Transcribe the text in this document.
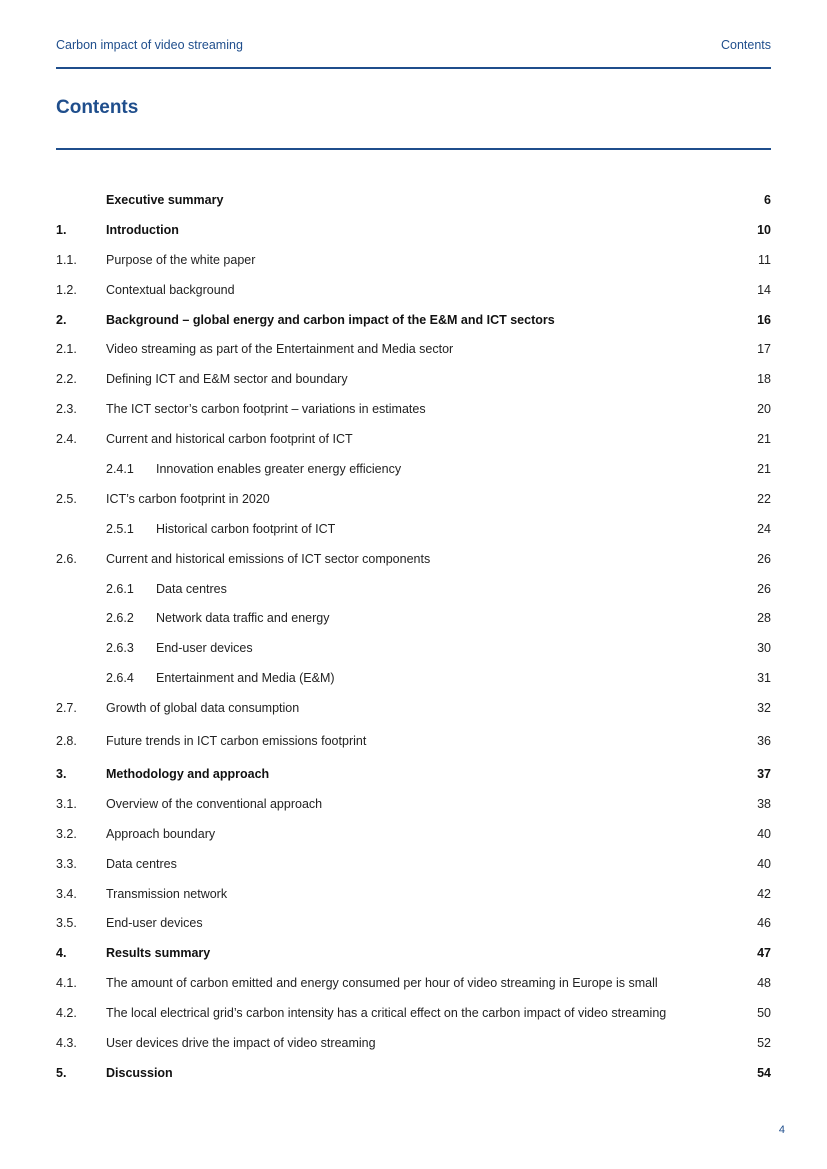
Carbon impact of video streaming	Contents
Contents
Executive summary	6
1.	Introduction	10
1.1.	Purpose of the white paper	11
1.2.	Contextual background	14
2.	Background – global energy and carbon impact of the E&M and ICT sectors	16
2.1.	Video streaming as part of the Entertainment and Media sector	17
2.2.	Defining ICT and E&M sector and boundary	18
2.3.	The ICT sector’s carbon footprint – variations in estimates	20
2.4.	Current and historical carbon footprint of ICT	21
2.4.1	Innovation enables greater energy efficiency	21
2.5.	ICT’s carbon footprint in 2020	22
2.5.1	Historical carbon footprint of ICT	24
2.6.	Current and historical emissions of ICT sector components	26
2.6.1	Data centres	26
2.6.2	Network data traffic and energy	28
2.6.3	End-user devices	30
2.6.4	Entertainment and Media (E&M)	31
2.7.	Growth of global data consumption	32
2.8.	Future trends in ICT carbon emissions footprint	36
3.	Methodology and approach	37
3.1.	Overview of the conventional approach	38
3.2.	Approach boundary	40
3.3.	Data centres	40
3.4.	Transmission network	42
3.5.	End-user devices	46
4.	Results summary	47
4.1.	The amount of carbon emitted and energy consumed per hour of video streaming in Europe is small	48
4.2.	The local electrical grid’s carbon intensity has a critical effect on the carbon impact of video streaming	50
4.3.	User devices drive the impact of video streaming	52
5.	Discussion	54
4
